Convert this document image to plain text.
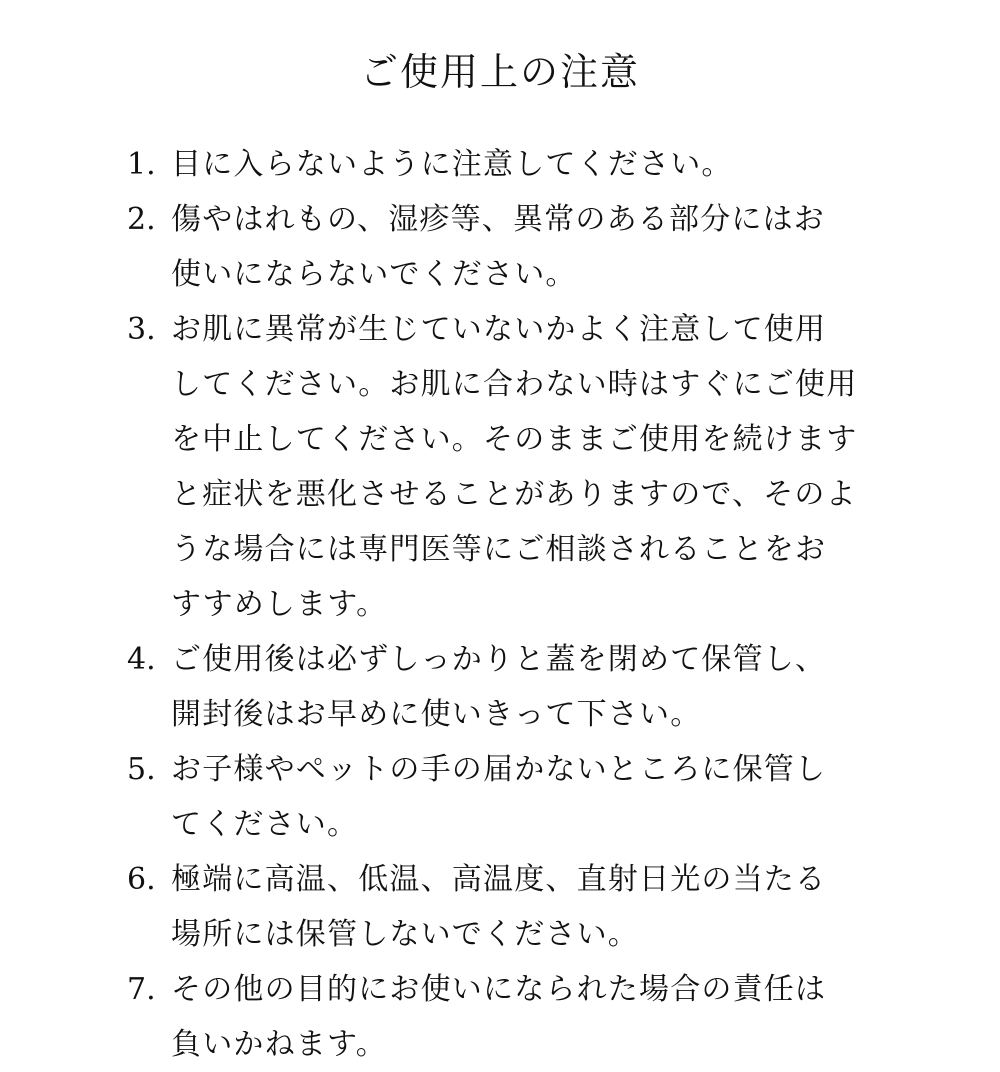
ご使用上の注意
1. 目に入らないように注意してください。
2. 傷やはれもの、湿疹等、異常のある部分にはお
使いにならないでください。
3. お肌に異常が生じていないかよく注意して使用
してください。お肌に合わない時はすぐにご使用
を中止してください。そのままご使用を続けます
と症状を悪化させることがありますので、そのよ
うな場合には専門医等にご相談されることをお
すすめします。
4. ご使用後は必ずしっかりと蓋を閉めて保管し、
開封後はお早めに使いきって下さい。
5. お子様やペットの手の届かないところに保管し
てください。
6. 極端に高温、低温、高温度、直射日光の当たる
場所には保管しないでください。
7. その他の目的にお使いになられた場合の責任は
負いかねます。
